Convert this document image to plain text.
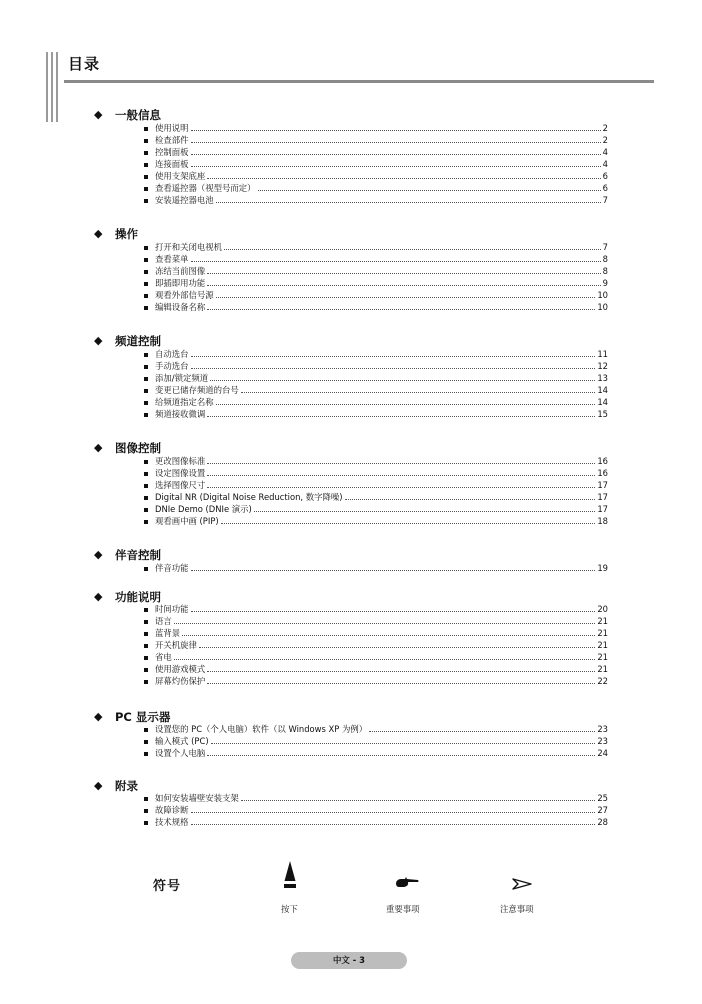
目录
◆ 一般信息
使用说明	2
检查部件	2
控制面板	4
连接面板	4
使用支架底座	6
查看遥控器（视型号而定）	6
安装遥控器电池	7
◆ 操作
打开和关闭电视机	7
查看菜单	8
冻结当前图像	8
即插即用功能	9
观看外部信号源	10
编辑设备名称	10
◆ 频道控制
自动选台	11
手动选台	12
添加/锁定频道	13
变更已储存频道的台号	14
给频道指定名称	14
频道接收微调	15
◆ 图像控制
更改图像标准	16
设定图像设置	16
选择图像尺寸	17
Digital NR (Digital Noise Reduction, 数字降噪)	17
DNIe Demo (DNIe 演示)	17
观看画中画 (PIP)	18
◆ 伴音控制
伴音功能	19
◆ 功能说明
时间功能	20
语言	21
蓝背景	21
开关机旋律	21
省电	21
使用游戏模式	21
屏幕灼伤保护	22
◆ PC 显示器
设置您的 PC（个人电脑）软件（以 Windows XP 为例）	23
输入模式 (PC)	23
设置个人电脑	24
◆ 附录
如何安装墙壁安装支架	25
故障诊断	27
技术规格	28
符号
按下	重要事项	注意事项
中文 - 3
